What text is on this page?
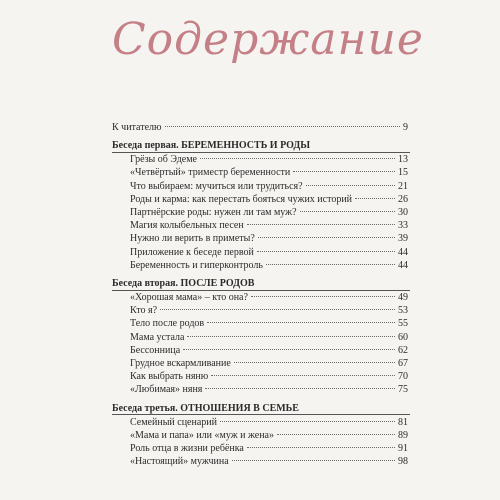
Содержание
К читателю	9
Беседа первая. БЕРЕМЕННОСТЬ И РОДЫ
Грёзы об Эдеме	13
«Четвёртый» триместр беременности	15
Что выбираем: мучиться или трудиться?	21
Роды и карма: как перестать бояться чужих историй	26
Партнёрские роды: нужен ли там муж?	30
Магия колыбельных песен	33
Нужно ли верить в приметы?	39
Приложение к беседе первой	44
Беременность и гиперконтроль	44
Беседа вторая. ПОСЛЕ РОДОВ
«Хорошая мама» – кто она?	49
Кто я?	53
Тело после родов	55
Мама устала	60
Бессонница	62
Грудное вскармливание	67
Как выбрать няню	70
«Любимая» няня	75
Беседа третья. ОТНОШЕНИЯ В СЕМЬЕ
Семейный сценарий	81
«Мама и папа» или «муж и жена»	89
Роль отца в жизни ребёнка	91
«Настоящий» мужчина	98
